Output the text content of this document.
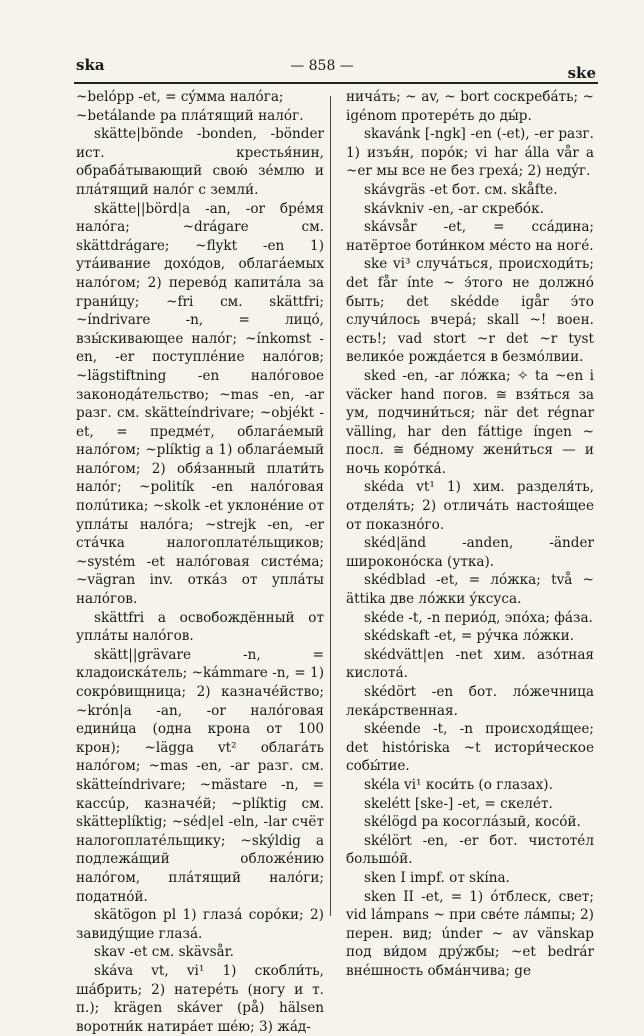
ska	— 858 —	ske

~belópp -et, = сýмма налóга;

~betálande pa плáтящий налóг.

skätte|bönde -bonden, -bönder ист. крестья́нин, обрабáтывающий свою́ зéмлю и плáтящий налóг с земли́.

skätte||börd|a -an, -or брéмя налóга; ~drágare см. skättdrágare; ~flykt -en 1) утáивание дохóдов, облагáемых налóгом; 2) перевóд капитáла за грани́цу; ~fri см. skättfri; ~índrivare -n, = лицó, взы́скивающее налóг; ~ínkomst -en, -er поступлéние налóгов; ~lägstiftning -en налóговое законодáтельство; ~mas -en, -ar разг. см. skätteíndrivare; ~objékt -et, = предмéт, облагáемый налóгом; ~plíktig a 1) облагáемый налóгом; 2) обя́занный плати́ть налóг; ~politík -en налóговая полúтика; ~skolk -et уклонéние от уплáты налóга; ~strejk -en, -er стáчка налогоплатéльщиков; ~systém -et налóговая систéма; ~vägran inv. откáз от уплáты налóгов.

skättfri a освобождённый от уплáты налóгов.

skätt||grävare -n, = кладоискáтель; ~kámmare -n, = 1) сокрóвищница; 2) казначéйство; ~krón|a -an, -or налóговая едини́ца (одна крона от 100 крон); ~lägga vt² облагáть налóгом; ~mas -en, -ar разг. см. skätteíndrivare; ~mästare -n, = кассúр, казначéй; ~plíktig см. skätteplíktig; ~séd|el -eln, -lar счёт налогоплатéльщику; ~skýldig a подлежáщий обложéнию налóгом, плáтящий налóги; податнóй.

skätögon pl 1) глазá сорóки; 2) завиду́щие глазá.

skav -et см. skävsår.

skáva vt, vi¹ 1) скобли́ть, шáбрить; 2) натерéть (ногу и т. п.); krägen skáver (på) hälsen воротни́к натирáет шéю; 3) жáд-

ничáть; ~ av, ~ bort соскребáть; ~ igénom протерéть до ды́р.

skavánk [-ngk] -en (-et), -er разг. 1) изъя́н, порóк; vi har álla vår a ~er мы все не без грехá; 2) недýг.

skávgräs -et бот. см. skåfte.

skávkniv -en, -ar скребóк.

skávsår -et, = ссáдина; натёртое боти́нком мéсто на ногé.

ske vi³ случáться, происходи́ть; det får ínte ~ э́того не должнó быть; det skédde igår э́то случи́лось вчерá; skall ~! воен. есть!; vad stort ~r det ~r tyst великóе рождáется в безмóлвии.

sked -en, -ar лóжка; ✧ ta ~en i väcker hand погов. ≅ взя́ться за ум, подчини́ться; när det régnar välling, har den fáttige íngen ~ посл. ≅ бéдному жени́ться — и ночь корóткá.

skéda vt¹ 1) хим. разделя́ть, отделя́ть; 2) отличáть настоя́щее от показнóго.

skéd|änd -anden, -änder широконóска (утка).

skédblad -et, = лóжка; två ~ ättika две лóжки ýксуса.

skéde -t, -n периóд, эпóха; фáза.

skédskaft -et, = рýчка лóжки.

skédvätt|en -net хим. азóтная кислотá.

skédört -en бот. лóжечница лекáрственная.

skéende -t, -n происходя́щее; det históriska ~t истори́ческое собы́тие.

skéla vi¹ коси́ть (о глазах).

skelétt [ske-] -et, = скелéт.

skélögd pa косоглáзый, косóй.

skélört -en, -er бот. чистотéл большóй.

sken I impf. от skína.

sken II -et, = 1) óтблеск, свет; vid lámpans ~ при свéте лáмпы; 2) перен. вид; únder ~ av vänskap под ви́дом дрýжбы; ~et bedrár внéшность обмáнчива; ge
